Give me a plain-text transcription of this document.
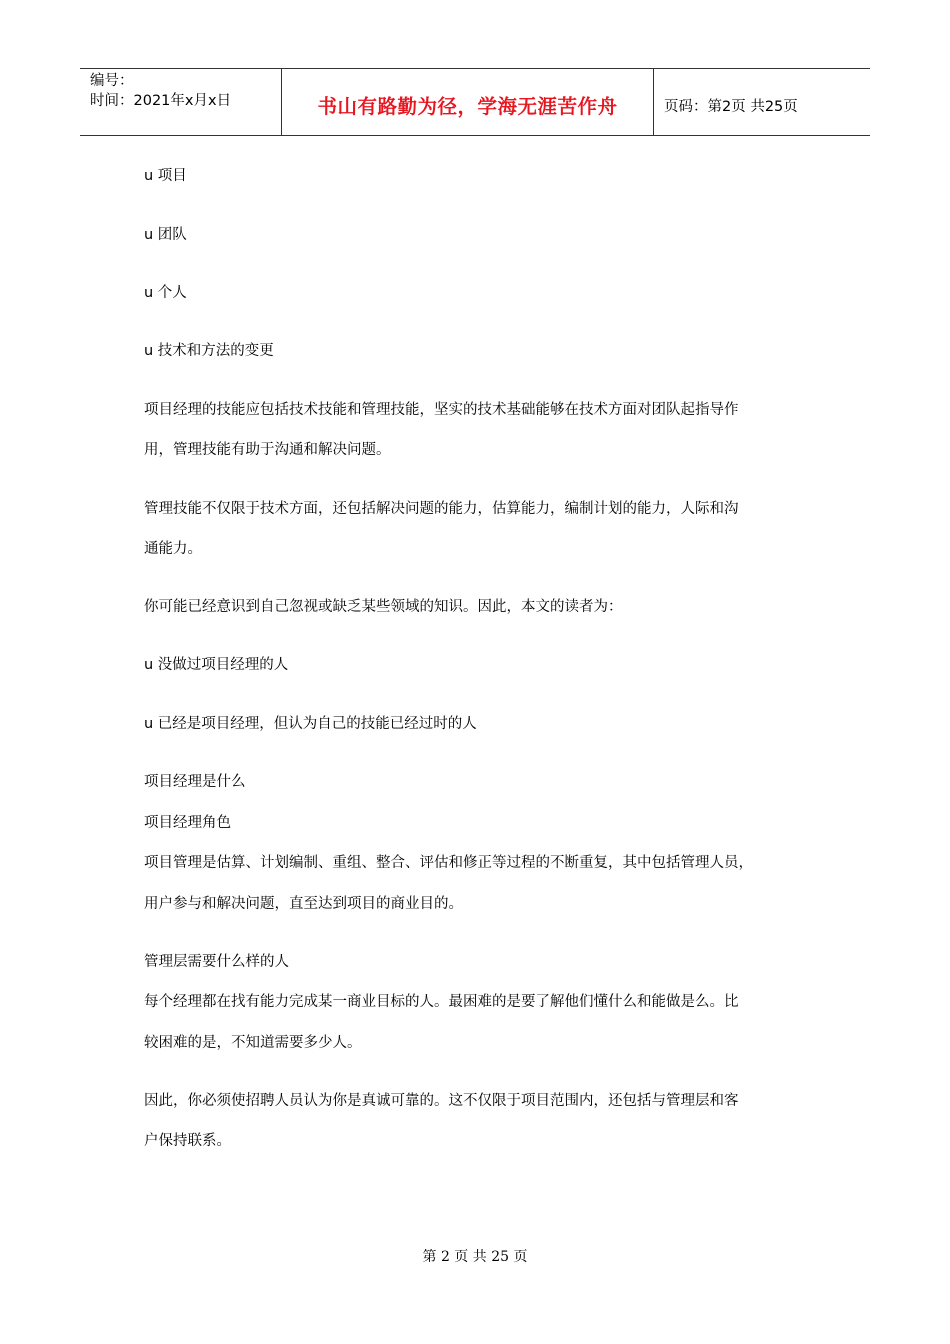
编号：
时间：2021年x月x日	书山有路勤为径，学海无涯苦作舟	页码：第2页 共25页
u 项目
u 团队
u 个人
u 技术和方法的变更
项目经理的技能应包括技术技能和管理技能，坚实的技术基础能够在技术方面对团队起指导作
用，管理技能有助于沟通和解决问题。
管理技能不仅限于技术方面，还包括解决问题的能力，估算能力，编制计划的能力，人际和沟
通能力。
你可能已经意识到自己忽视或缺乏某些领域的知识。因此，本文的读者为：
u 没做过项目经理的人
u 已经是项目经理，但认为自己的技能已经过时的人
项目经理是什么
项目经理角色
项目管理是估算、计划编制、重组、整合、评估和修正等过程的不断重复，其中包括管理人员，
用户参与和解决问题，直至达到项目的商业目的。
管理层需要什么样的人
每个经理都在找有能力完成某一商业目标的人。最困难的是要了解他们懂什么和能做是么。比
较困难的是，不知道需要多少人。
因此，你必须使招聘人员认为你是真诚可靠的。这不仅限于项目范围内，还包括与管理层和客
户保持联系。
第 2 页 共 25 页
